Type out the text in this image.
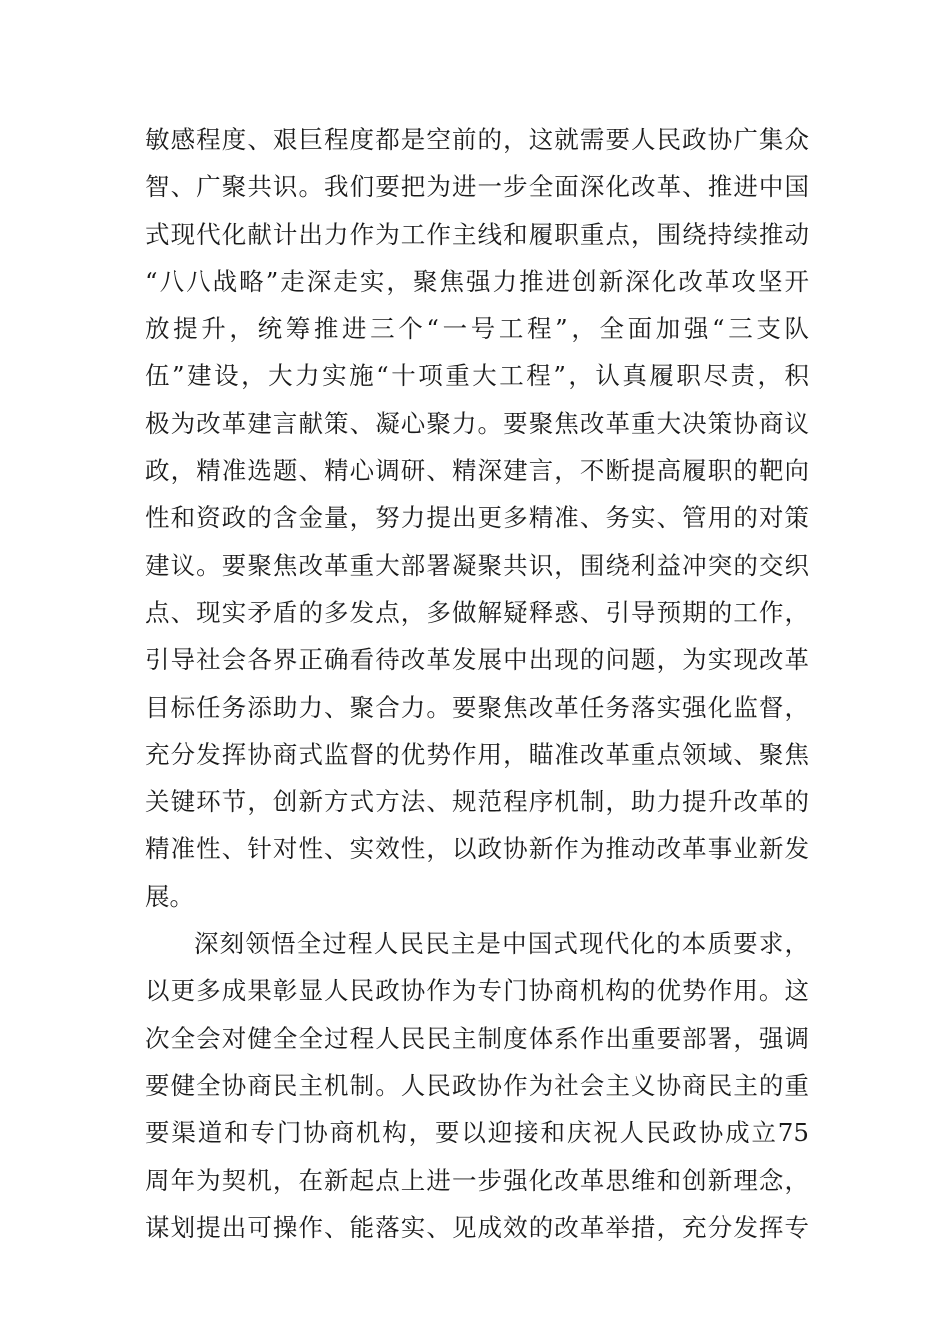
敏感程度、艰巨程度都是空前的，这就需要人民政协广集众
智、广聚共识。我们要把为进一步全面深化改革、推进中国
式现代化献计出力作为工作主线和履职重点，围绕持续推动
“八八战略”走深走实，聚焦强力推进创新深化改革攻坚开
放提升，统筹推进三个“一号工程”，全面加强“三支队
伍”建设，大力实施“十项重大工程”，认真履职尽责，积
极为改革建言献策、凝心聚力。要聚焦改革重大决策协商议
政，精准选题、精心调研、精深建言，不断提高履职的靶向
性和资政的含金量，努力提出更多精准、务实、管用的对策
建议。要聚焦改革重大部署凝聚共识，围绕利益冲突的交织
点、现实矛盾的多发点，多做解疑释惑、引导预期的工作，
引导社会各界正确看待改革发展中出现的问题，为实现改革
目标任务添助力、聚合力。要聚焦改革任务落实强化监督，
充分发挥协商式监督的优势作用，瞄准改革重点领域、聚焦
关键环节，创新方式方法、规范程序机制，助力提升改革的
精准性、针对性、实效性，以政协新作为推动改革事业新发
展。
深刻领悟全过程人民民主是中国式现代化的本质要求，
以更多成果彰显人民政协作为专门协商机构的优势作用。这
次全会对健全全过程人民民主制度体系作出重要部署，强调
要健全协商民主机制。人民政协作为社会主义协商民主的重
要渠道和专门协商机构，要以迎接和庆祝人民政协成立75
周年为契机，在新起点上进一步强化改革思维和创新理念，
谋划提出可操作、能落实、见成效的改革举措，充分发挥专
